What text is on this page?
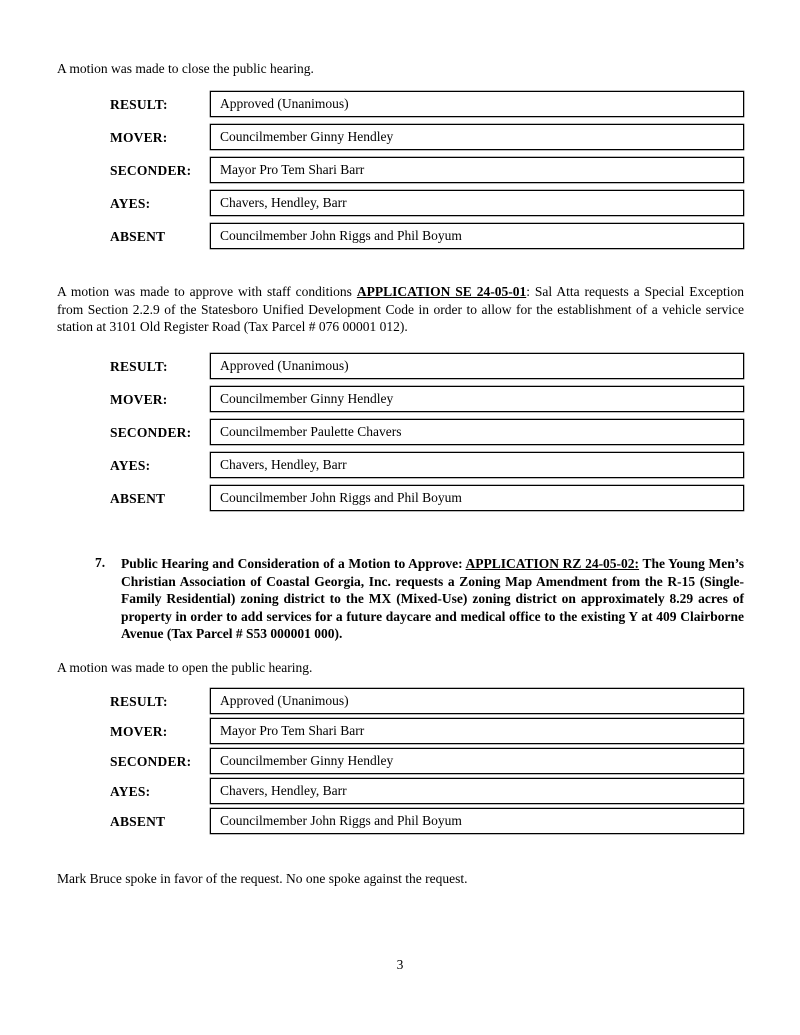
A motion was made to close the public hearing.

RESULT:	Approved (Unanimous)
MOVER:	Councilmember Ginny Hendley
SECONDER:	Mayor Pro Tem Shari Barr
AYES:	Chavers, Hendley, Barr
ABSENT	Councilmember John Riggs and Phil Boyum

A motion was made to approve with staff conditions APPLICATION SE 24-05-01: Sal Atta requests a Special Exception from Section 2.2.9 of the Statesboro Unified Development Code in order to allow for the establishment of a vehicle service station at 3101 Old Register Road (Tax Parcel # 076 00001 012).

RESULT:	Approved (Unanimous)
MOVER:	Councilmember Ginny Hendley
SECONDER:	Councilmember Paulette Chavers
AYES:	Chavers, Hendley, Barr
ABSENT	Councilmember John Riggs and Phil Boyum
7.	Public Hearing and Consideration of a Motion to Approve: APPLICATION RZ 24-05-02: The Young Men’s Christian Association of Coastal Georgia, Inc. requests a Zoning Map Amendment from the R-15 (Single-Family Residential) zoning district to the MX (Mixed-Use) zoning district on approximately 8.29 acres of property in order to add services for a future daycare and medical office to the existing Y at 409 Clairborne Avenue (Tax Parcel # S53 000001 000).

A motion was made to open the public hearing.

RESULT:	Approved (Unanimous)
MOVER:	Mayor Pro Tem Shari Barr
SECONDER:	Councilmember Ginny Hendley
AYES:	Chavers, Hendley, Barr
ABSENT	Councilmember John Riggs and Phil Boyum

Mark Bruce spoke in favor of the request. No one spoke against the request.

3
